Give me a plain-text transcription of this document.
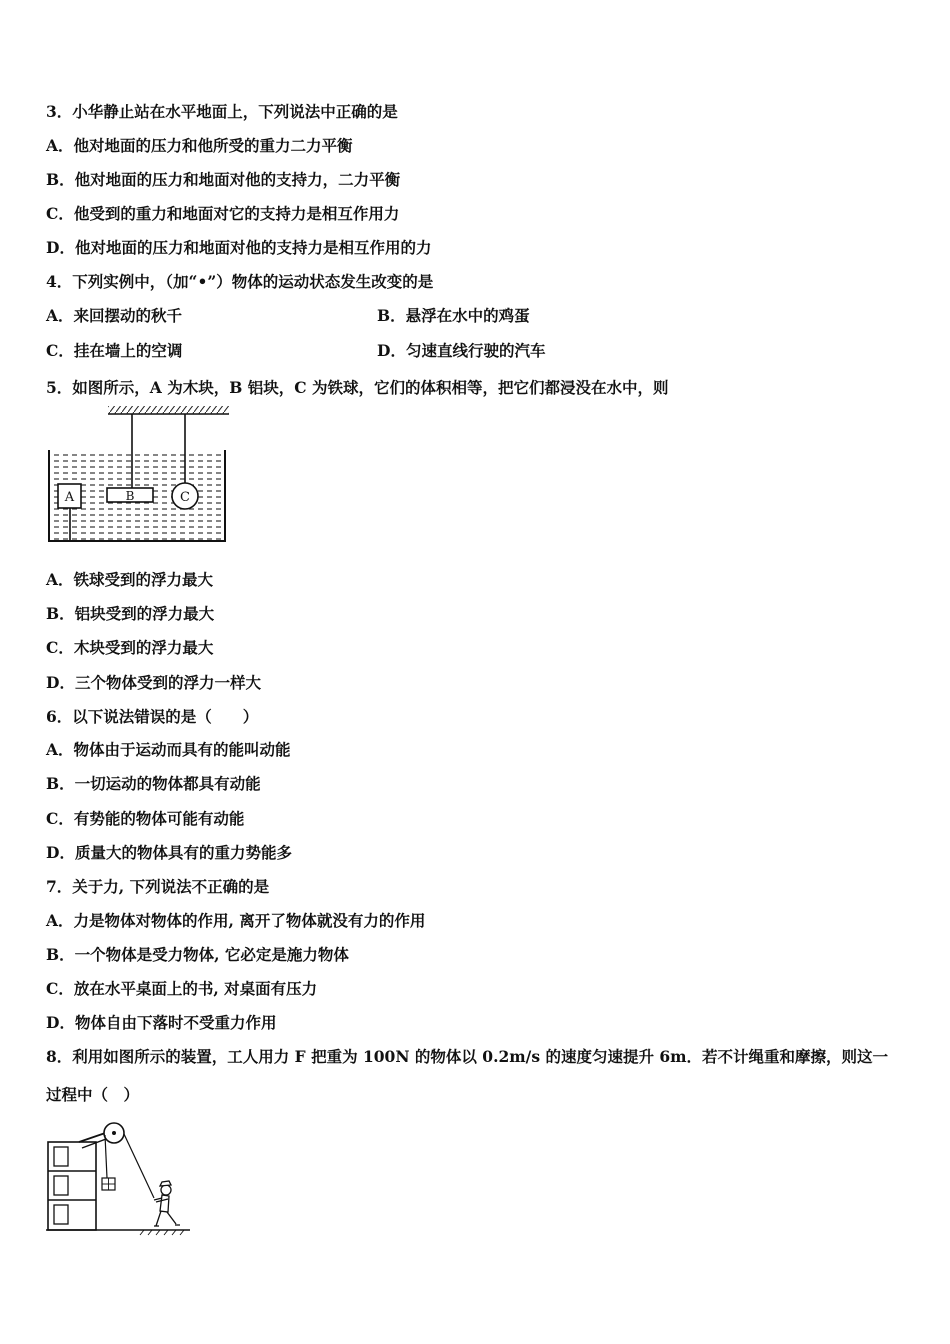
3．小华静止站在水平地面上，下列说法中正确的是
A．他对地面的压力和他所受的重力二力平衡
B．他对地面的压力和地面对他的支持力，二力平衡
C．他受到的重力和地面对它的支持力是相互作用力
D．他对地面的压力和地面对他的支持力是相互作用的力
4．下列实例中，（加“•”）物体的运动状态发生改变的是
A．来回摆动的秋千	B．悬浮在水中的鸡蛋
C．挂在墙上的空调	D．匀速直线行驶的汽车
5．如图所示，A 为木块，B 铝块，C 为铁球，它们的体积相等，把它们都浸没在水中，则
A	B	C
A．铁球受到的浮力最大
B．铝块受到的浮力最大
C．木块受到的浮力最大
D．三个物体受到的浮力一样大
6．以下说法错误的是（　　）
A．物体由于运动而具有的能叫动能
B．一切运动的物体都具有动能
C．有势能的物体可能有动能
D．质量大的物体具有的重力势能多
7．关于力, 下列说法不正确的是
A．力是物体对物体的作用, 离开了物体就没有力的作用
B．一个物体是受力物体, 它必定是施力物体
C．放在水平桌面上的书, 对桌面有压力
D．物体自由下落时不受重力作用
8．利用如图所示的装置，工人用力 F 把重为 100N 的物体以 0.2m/s 的速度匀速提升 6m．若不计绳重和摩擦，则这一
过程中（　）
